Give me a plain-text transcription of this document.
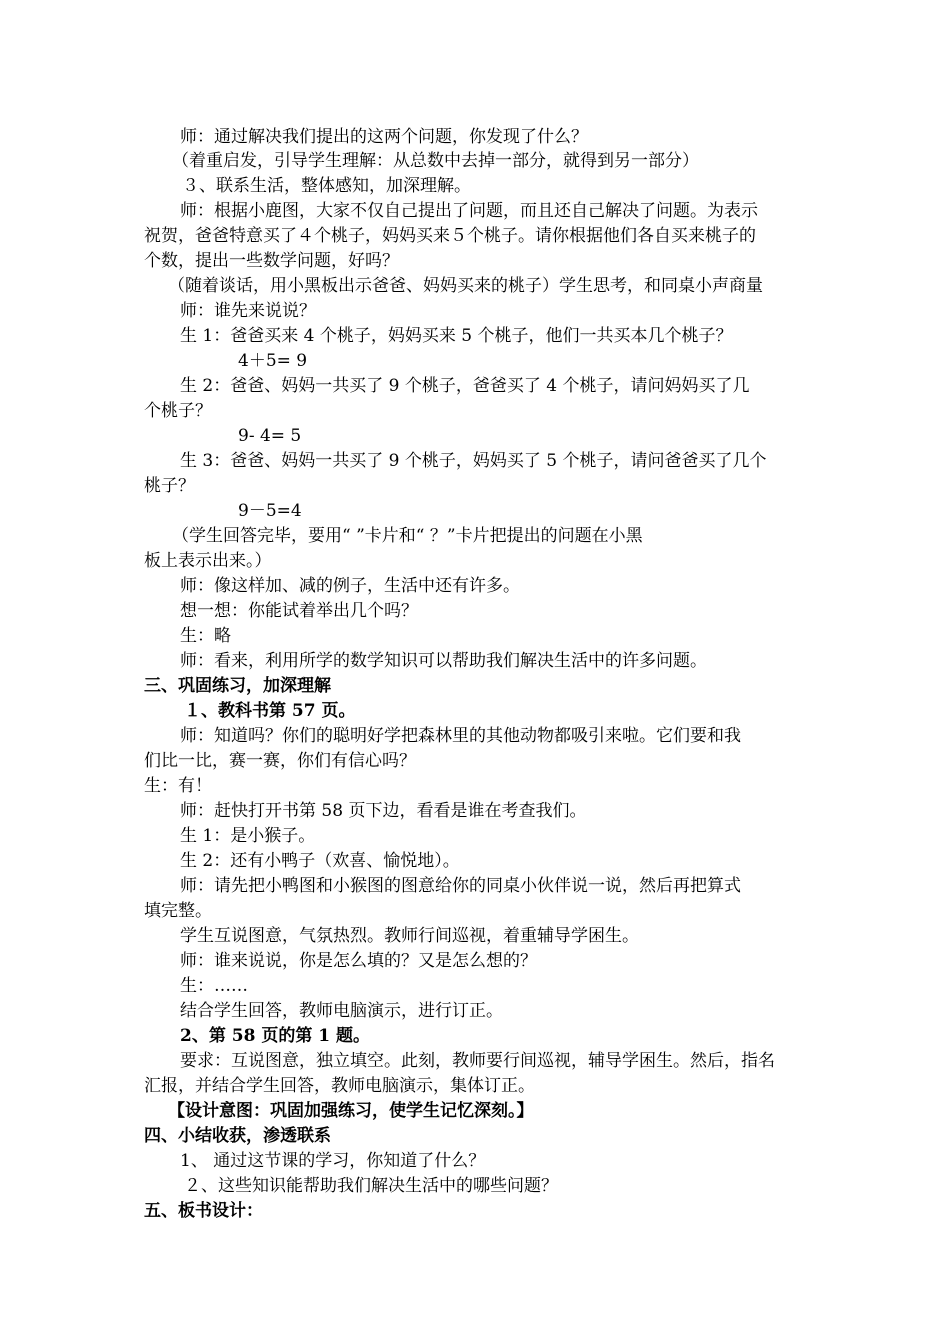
师：通过解决我们提出的这两个问题，你发现了什么？
（着重启发，引导学生理解：从总数中去掉一部分，就得到另一部分）
３、联系生活，整体感知，加深理解。
师：根据小鹿图，大家不仅自己提出了问题，而且还自己解决了问题。为表示
祝贺，爸爸特意买了４个桃子，妈妈买来５个桃子。请你根据他们各自买来桃子的
个数，提出一些数学问题，好吗？
（随着谈话，用小黑板出示爸爸、妈妈买来的桃子）学生思考，和同桌小声商量
师：谁先来说说？
生 1：爸爸买来 4 个桃子，妈妈买来 5 个桃子，他们一共买本几个桃子？
4＋5= 9
生 2：爸爸、妈妈一共买了 9 个桃子，爸爸买了 4 个桃子，请问妈妈买了几
个桃子？
9- 4= 5
生 3：爸爸、妈妈一共买了 9 个桃子，妈妈买了 5 个桃子，请问爸爸买了几个
桃子？
9－5=4
（学生回答完毕，要用“ ”卡片和“ ？”卡片把提出的问题在小黑
板上表示出来。）
师：像这样加、减的例子，生活中还有许多。
想一想：你能试着举出几个吗？
生：略
师：看来，利用所学的数学知识可以帮助我们解决生活中的许多问题。
三、巩固练习，加深理解
１、教科书第 57 页。
师：知道吗？你们的聪明好学把森林里的其他动物都吸引来啦。它们要和我
们比一比，赛一赛，你们有信心吗？
生：有！
师：赶快打开书第 58 页下边，看看是谁在考查我们。
生 1：是小猴子。
生 2：还有小鸭子（欢喜、愉悦地）。
师：请先把小鸭图和小猴图的图意给你的同桌小伙伴说一说，然后再把算式
填完整。
学生互说图意，气氛热烈。教师行间巡视，着重辅导学困生。
师：谁来说说，你是怎么填的？又是怎么想的？
生：……
结合学生回答，教师电脑演示，进行订正。
2、第 58 页的第 1 题。
要求：互说图意，独立填空。此刻，教师要行间巡视，辅导学困生。然后，指名
汇报，并结合学生回答，教师电脑演示，集体订正。
【设计意图：巩固加强练习，使学生记忆深刻。】
四、小结收获，渗透联系
1、 通过这节课的学习，你知道了什么？
２、这些知识能帮助我们解决生活中的哪些问题？
五、板书设计：
